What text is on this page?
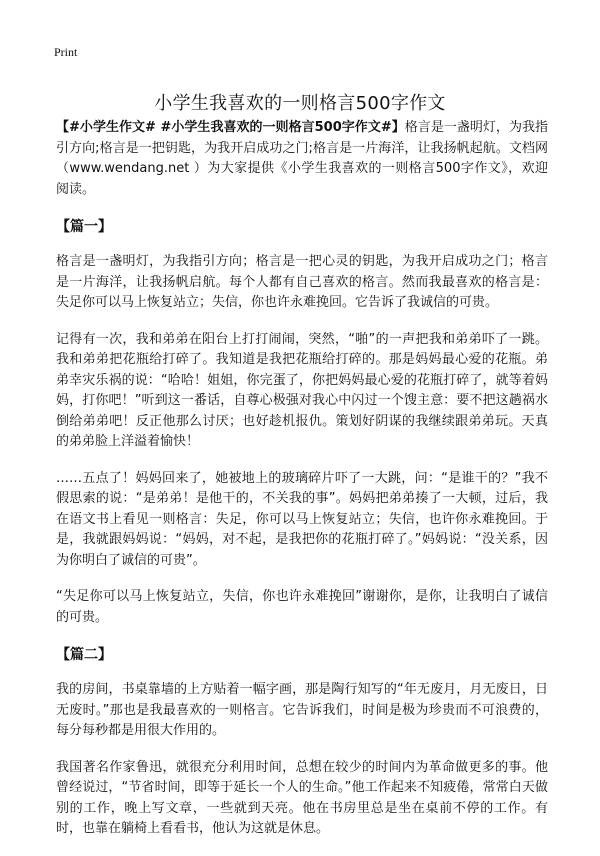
Print
小学生我喜欢的一则格言500字作文

【#小学生作文# #小学生我喜欢的一则格言500字作文#】格言是一盏明灯，为我指引方向;格言是一把钥匙，为我开启成功之门;格言是一片海洋，让我扬帆起航。文档网（www.wendang.net ）为大家提供《小学生我喜欢的一则格言500字作文》，欢迎阅读。

【篇一】

格言是一盏明灯，为我指引方向；格言是一把心灵的钥匙，为我开启成功之门；格言是一片海洋，让我扬帆启航。每个人都有自己喜欢的格言。然而我最喜欢的格言是：失足你可以马上恢复站立；失信，你也许永难挽回。它告诉了我诚信的可贵。

记得有一次，我和弟弟在阳台上打打闹闹，突然，“啪”的一声把我和弟弟吓了一跳。我和弟弟把花瓶给打碎了。我知道是我把花瓶给打碎的。那是妈妈最心爱的花瓶。弟弟幸灾乐祸的说：“哈哈！姐姐，你完蛋了，你把妈妈最心爱的花瓶打碎了，就等着妈妈，打你吧！”听到这一番话，自尊心极强对我心中闪过一个馊主意：要不把这趟祸水倒给弟弟吧！反正他那么讨厌；也好趁机报仇。策划好阴谋的我继续跟弟弟玩。天真的弟弟脸上洋溢着愉快！

……五点了！妈妈回来了，她被地上的玻璃碎片吓了一大跳，问：“是谁干的？”我不假思索的说：“是弟弟！是他干的，不关我的事”。妈妈把弟弟揍了一大顿，过后，我在语文书上看见一则格言：失足，你可以马上恢复站立；失信，也许你永难挽回。于是，我就跟妈妈说：“妈妈，对不起，是我把你的花瓶打碎了。”妈妈说：“没关系，因为你明白了诚信的可贵”。

“失足你可以马上恢复站立，失信，你也许永难挽回”谢谢你，是你，让我明白了诚信的可贵。

【篇二】

我的房间，书桌靠墙的上方贴着一幅字画，那是陶行知写的“年无废月，月无废日，日无废时。”那也是我最喜欢的一则格言。它告诉我们，时间是极为珍贵而不可浪费的，每分每秒都是用很大作用的。

我国著名作家鲁迅，就很充分利用时间，总想在较少的时间内为革命做更多的事。他曾经说过，“节省时间，即等于延长一个人的生命。”他工作起来不知疲倦，常常白天做别的工作，晚上写文章，一些就到天亮。他在书房里总是坐在桌前不停的工作。有时，也靠在躺椅上看看书，他认为这就是休息。
